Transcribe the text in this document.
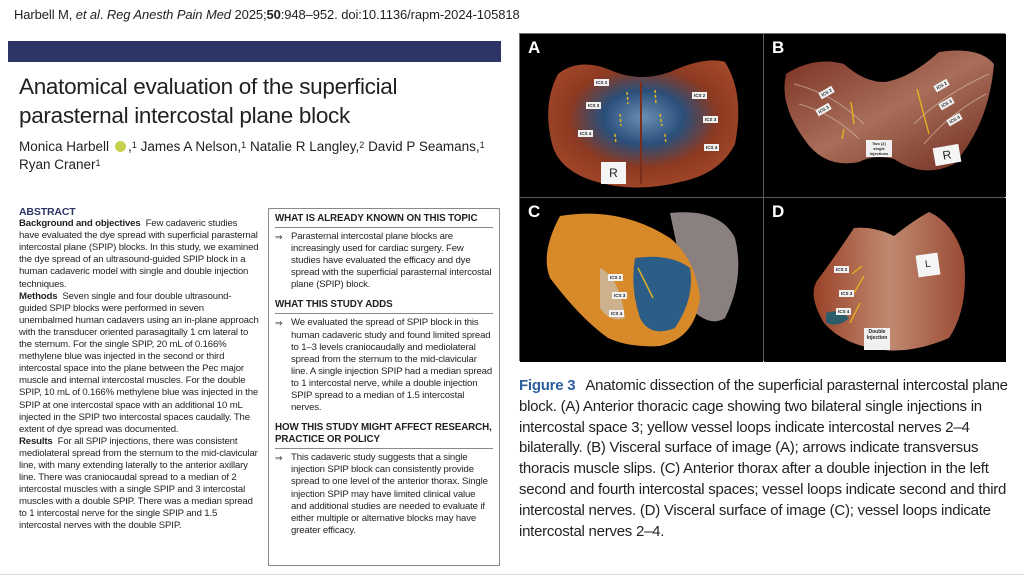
Harbell M, et al. Reg Anesth Pain Med 2025;50:948–952. doi:10.1136/rapm-2024-105818
Anatomical evaluation of the superficial parasternal intercostal plane block
Monica Harbell ,$^1$ James A Nelson,$^1$ Natalie R Langley,$^2$ David P Seamans,$^1$
Ryan Craner$^1$
ABSTRACT

Background and objectives Few cadaveric studies have evaluated the dye spread with superficial parasternal intercostal plane (SPIP) blocks. In this study, we examined the dye spread of an ultrasound-guided SPIP block in a human cadaveric model with single and double injection techniques.

Methods Seven single and four double ultrasound-guided SPIP blocks were performed in seven unembalmed human cadavers using an in-plane approach with the transducer oriented parasagitally 1 cm lateral to the sternum. For the single SPIP, 20 mL of 0.166% methylene blue was injected in the second or third intercostal space into the plane between the Pec major muscle and internal intercostal muscles. For the double SPIP, 10 mL of 0.166% methylene blue was injected in the SPIP at one intercostal space with an additional 10 mL injected in the SPIP two intercostal spaces caudally. The extent of dye spread was documented.

Results For all SPIP injections, there was consistent mediolateral spread from the sternum to the mid-clavicular line, with many extending laterally to the anterior axillary line. There was craniocaudal spread to a median of 2 intercostal muscles with a single SPIP and 3 intercostal muscles with a double SPIP. There was a median spread to 1 intercostal nerve for the single SPIP and 1.5 intercostal nerves with the double SPIP.

WHAT IS ALREADY KNOWN ON THIS TOPIC
⇒ Parasternal intercostal plane blocks are increasingly used for cardiac surgery. Few studies have evaluated the efficacy and dye spread with the superficial parasternal intercostal plane (SPIP) block.
WHAT THIS STUDY ADDS
⇒ We evaluated the spread of SPIP block in this human cadaveric study and found limited spread to 1–3 levels craniocaudally and mediolateral spread from the sternum to the mid-clavicular line. A single injection SPIP had a median spread to 1 intercostal nerve, while a double injection SPIP spread to a median of 1.5 intercostal nerves.
HOW THIS STUDY MIGHT AFFECT RESEARCH, PRACTICE OR POLICY
⇒ This cadaveric study suggests that a single injection SPIP block can consistently provide spread to one level of the anterior thorax. Single injection SPIP may have limited clinical value and additional studies are needed to evaluate if either multiple or alternative blocks may have greater efficacy.
A
ICS 2
ICS 3
ICS 4
ICS 2
ICS 3
ICS 4
R
B
ICS 2
ICS 3
ICS 2
ICS 3
ICS 4
Two (2) single injections	R
C
ICS 2
ICS 3
ICS 4
D
ICS 2
ICS 3
ICS 4
L
Double Injection
Figure 3 Anatomic dissection of the superficial parasternal intercostal plane block. (A) Anterior thoracic cage showing two bilateral single injections in intercostal space 3; yellow vessel loops indicate intercostal nerves 2–4 bilaterally. (B) Visceral surface of image (A); arrows indicate transversus thoracis muscle slips. (C) Anterior thorax after a double injection in the left second and fourth intercostal spaces; vessel loops indicate second and third intercostal nerves. (D) Visceral surface of image (C); vessel loops indicate intercostal nerves 2–4.
